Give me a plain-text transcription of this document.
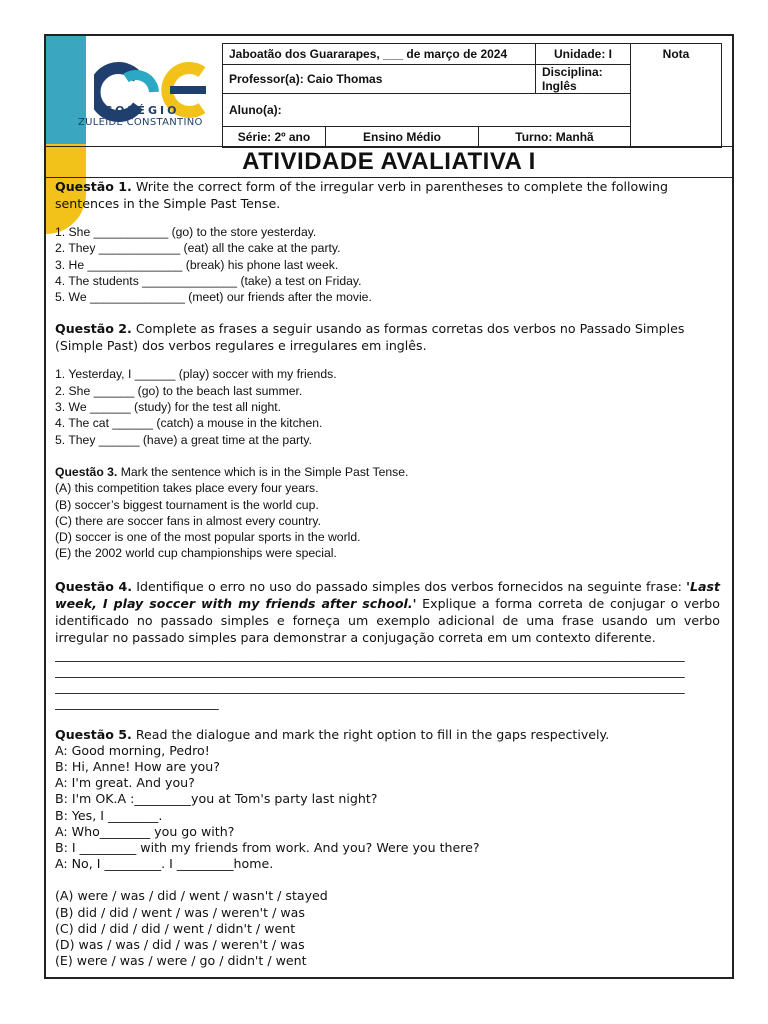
COLÉGIO
ZULEIDE CONSTANTINO
Jaboatão dos Guararapes, ___ de março de 2024			Unidade: I	Nota
Professor(a): Caio Thomas			Disciplina: Inglês	
Aluno(a):				
Série: 2º ano	Ensino Médio	Turno: Manhã		
ATIVIDADE AVALIATIVA I

Questão 1. Write the correct form of the irregular verb in parentheses to complete the following sentences in the Simple Past Tense.

1. She ___________ (go) to the store yesterday.
2. They ____________ (eat) all the cake at the party.
3. He ______________ (break) his phone last week.
4. The students ______________ (take) a test on Friday.
5. We ______________ (meet) our friends after the movie.

Questão 2. Complete as frases a seguir usando as formas corretas dos verbos no Passado Simples (Simple Past) dos verbos regulares e irregulares em inglês.

1. Yesterday, I ______ (play) soccer with my friends.
2. She ______ (go) to the beach last summer.
3. We ______ (study) for the test all night.
4. The cat ______ (catch) a mouse in the kitchen.
5. They ______ (have) a great time at the party.
Questão 3. Mark the sentence which is in the Simple Past Tense.
(A) this competition takes place every four years.
(B) soccer’s biggest tournament is the world cup.
(C) there are soccer fans in almost every country.
(D) soccer is one of the most popular sports in the world.
(E) the 2002 world cup championships were special.

Questão 4. Identifique o erro no uso do passado simples dos verbos fornecidos na seguinte frase: 'Last week, I play soccer with my friends after school.' Explique a forma correta de conjugar o verbo identificado no passado simples e forneça um exemplo adicional de uma frase usando um verbo irregular no passado simples para demonstrar a conjugação correta em um contexto diferente.

____________________________________________________________________________________________________
____________________________________________________________________________________________________
____________________________________________________________________________________________________
__________________________

Questão 5. Read the dialogue and mark the right option to fill in the gaps respectively.

A: Good morning, Pedro!
B: Hi, Anne! How are you?
A: I'm great. And you?
B: I'm OK.A :_________you at Tom's party last night?
B: Yes, I ________.
A: Who________ you go with?
B: I _________ with my friends from work. And you? Were you there?
A: No, I _________. I _________home.
(A) were / was / did / went / wasn't / stayed
(B) did / did / went / was / weren't / was
(C) did / did / did / went / didn't / went
(D) was / was / did / was / weren't / was
(E) were / was / were / go / didn't / went
